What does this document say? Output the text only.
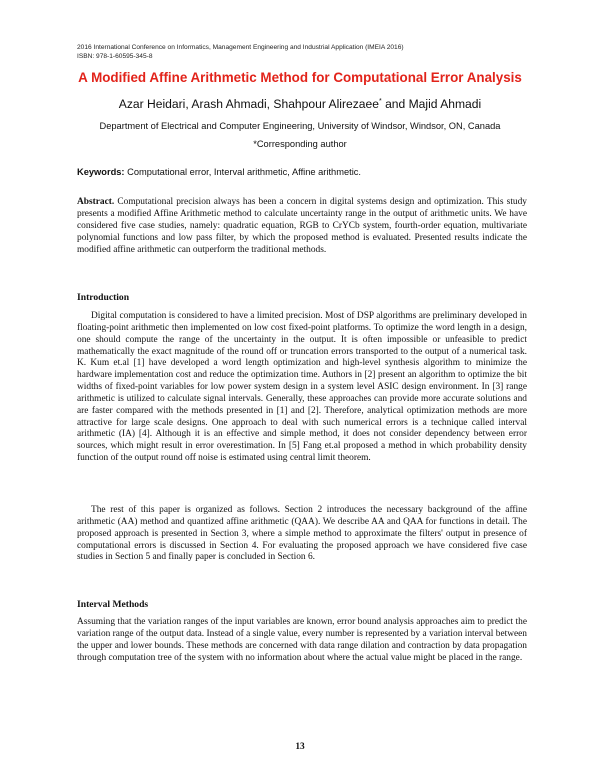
2016 International Conference on Informatics, Management Engineering and Industrial Application (IMEIA 2016)
ISBN: 978-1-60595-345-8
A Modified Affine Arithmetic Method for Computational Error Analysis
Azar Heidari, Arash Ahmadi, Shahpour Alirezaee* and Majid Ahmadi
Department of Electrical and Computer Engineering, University of Windsor, Windsor, ON, Canada
*Corresponding author
Keywords: Computational error, Interval arithmetic, Affine arithmetic.

Abstract. Computational precision always has been a concern in digital systems design and optimization. This study presents a modified Affine Arithmetic method to calculate uncertainty range in the output of arithmetic units. We have considered five case studies, namely: quadratic equation, RGB to CrYCb system, fourth-order equation, multivariate polynomial functions and low pass filter, by which the proposed method is evaluated. Presented results indicate the modified affine arithmetic can outperform the traditional methods.

Introduction

Digital computation is considered to have a limited precision. Most of DSP algorithms are preliminary developed in floating-point arithmetic then implemented on low cost fixed-point platforms. To optimize the word length in a design, one should compute the range of the uncertainty in the output. It is often impossible or unfeasible to predict mathematically the exact magnitude of the round off or truncation errors transported to the output of a numerical task. K. Kum et.al [1] have developed a word length optimization and high-level synthesis algorithm to minimize the hardware implementation cost and reduce the optimization time. Authors in [2] present an algorithm to optimize the bit widths of fixed-point variables for low power system design in a system level ASIC design environment. In [3] range arithmetic is utilized to calculate signal intervals. Generally, these approaches can provide more accurate solutions and are faster compared with the methods presented in [1] and [2]. Therefore, analytical optimization methods are more attractive for large scale designs. One approach to deal with such numerical errors is a technique called interval arithmetic (IA) [4]. Although it is an effective and simple method, it does not consider dependency between error sources, which might result in error overestimation. In [5] Fang et.al proposed a method in which probability density function of the output round off noise is estimated using central limit theorem.

The rest of this paper is organized as follows. Section 2 introduces the necessary background of the affine arithmetic (AA) method and quantized affine arithmetic (QAA). We describe AA and QAA for functions in detail. The proposed approach is presented in Section 3, where a simple method to approximate the filters' output in presence of computational errors is discussed in Section 4. For evaluating the proposed approach we have considered five case studies in Section 5 and finally paper is concluded in Section 6.

Interval Methods

Assuming that the variation ranges of the input variables are known, error bound analysis approaches aim to predict the variation range of the output data. Instead of a single value, every number is represented by a variation interval between the upper and lower bounds. These methods are concerned with data range dilation and contraction by data propagation through computation tree of the system with no information about where the actual value might be placed in the range.

13
